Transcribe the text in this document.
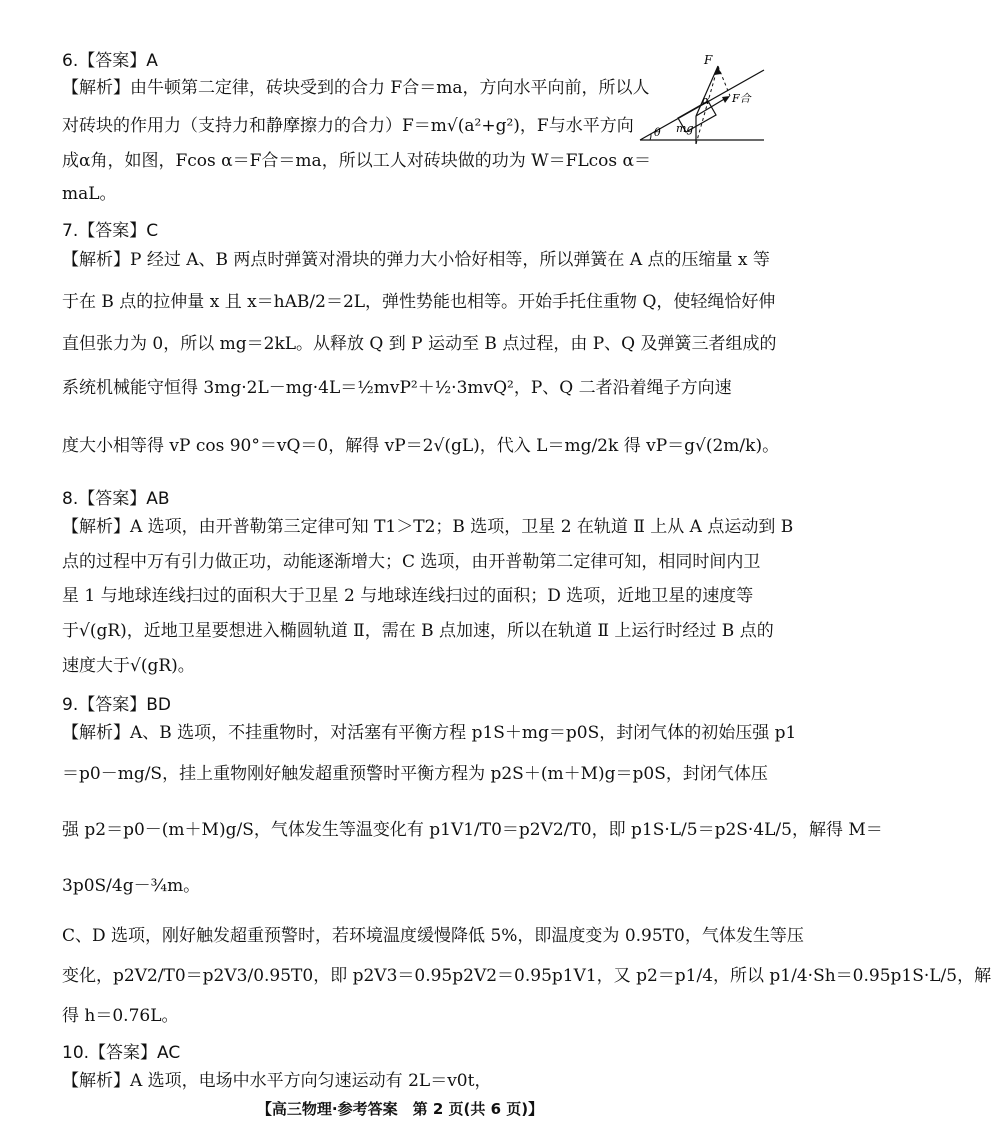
6.【答案】A
【解析】由牛顿第二定律，砖块受到的合力 F合＝ma，方向水平向前，所以人
对砖块的作用力（支持力和静摩擦力的合力）F＝m√(a²+g²)，F与水平方向
成α角，如图，Fcos α＝F合＝ma，所以工人对砖块做的功为 W＝FLcos α＝
maL。
F
α F合
mg
θ
7.【答案】C
【解析】P 经过 A、B 两点时弹簧对滑块的弹力大小恰好相等，所以弹簧在 A 点的压缩量 x 等
于在 B 点的拉伸量 x 且 x＝hAB/2＝2L，弹性势能也相等。开始手托住重物 Q，使轻绳恰好伸
直但张力为 0，所以 mg＝2kL。从释放 Q 到 P 运动至 B 点过程，由 P、Q 及弹簧三者组成的
系统机械能守恒得 3mg·2L－mg·4L＝½mvP²＋½·3mvQ²，P、Q 二者沿着绳子方向速
度大小相等得 vP cos 90°＝vQ＝0，解得 vP＝2√(gL)，代入 L＝mg/2k 得 vP＝g√(2m/k)。
8.【答案】AB
【解析】A 选项，由开普勒第三定律可知 T1＞T2；B 选项，卫星 2 在轨道 Ⅱ 上从 A 点运动到 B
点的过程中万有引力做正功，动能逐渐增大；C 选项，由开普勒第二定律可知，相同时间内卫
星 1 与地球连线扫过的面积大于卫星 2 与地球连线扫过的面积；D 选项，近地卫星的速度等
于√(gR)，近地卫星要想进入椭圆轨道 Ⅱ，需在 B 点加速，所以在轨道 Ⅱ 上运行时经过 B 点的
速度大于√(gR)。
9.【答案】BD
【解析】A、B 选项，不挂重物时，对活塞有平衡方程 p1S＋mg＝p0S，封闭气体的初始压强 p1
＝p0－mg/S，挂上重物刚好触发超重预警时平衡方程为 p2S＋(m＋M)g＝p0S，封闭气体压
强 p2＝p0－(m＋M)g/S，气体发生等温变化有 p1V1/T0＝p2V2/T0，即 p1S·L/5＝p2S·4L/5，解得 M＝
3p0S/4g－¾m。
C、D 选项，刚好触发超重预警时，若环境温度缓慢降低 5%，即温度变为 0.95T0，气体发生等压
变化，p2V2/T0＝p2V3/0.95T0，即 p2V3＝0.95p2V2＝0.95p1V1，又 p2＝p1/4，所以 p1/4·Sh＝0.95p1S·L/5，解
得 h＝0.76L。
10.【答案】AC
【解析】A 选项，电场中水平方向匀速运动有 2L＝v0t，
【高三物理·参考答案　第 2 页(共 6 页)】
